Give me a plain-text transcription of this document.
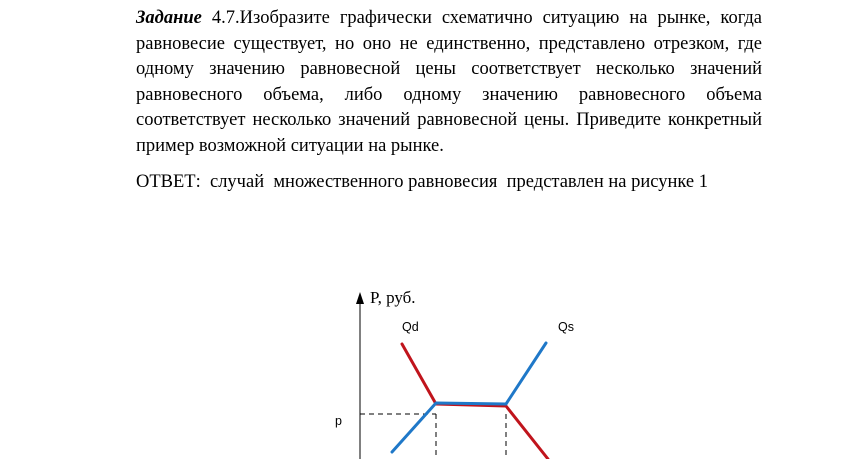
Задание 4.7.Изобразите графически схематично ситуацию на рынке, когда равновесие существует, но оно не единственно, представлено отрезком, где одному значению равновесной цены соответствует несколько значений равновесного объема, либо одному значению равновесного объема соответствует несколько значений равновесной цены. Приведите конкретный пример возможной ситуации на рынке.

ОТВЕТ:  случай  множественного равновесия  представлен на рисунке 1

P, руб.
Qd	Qs
p
